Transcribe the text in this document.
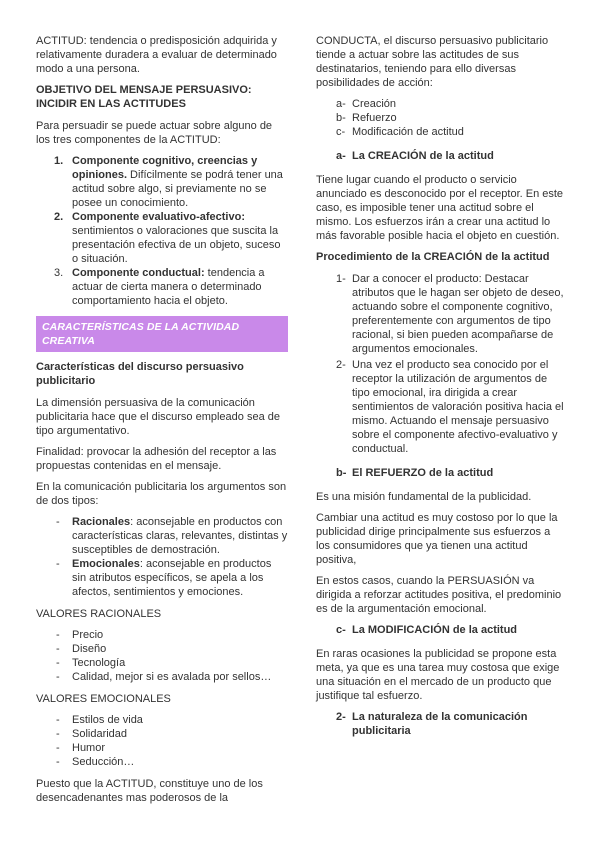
ACTITUD: tendencia o predisposición adquirida y relativamente duradera a evaluar de determinado modo a una persona.

OBJETIVO DEL MENSAJE PERSUASIVO: INCIDIR EN LAS ACTITUDES

Para persuadir se puede actuar sobre alguno de los tres componentes de la ACTITUD:

1. Componente cognitivo, creencias y opiniones. Difícilmente se podrá tener una actitud sobre algo, si previamente no se posee un conocimiento.
2. Componente evaluativo-afectivo: sentimientos o valoraciones que suscita la presentación efectiva de un objeto, suceso o situación.
3. Componente conductual: tendencia a actuar de cierta manera o determinado comportamiento hacia el objeto.
CARACTERÍSTICAS DE LA ACTIVIDAD CREATIVA

Características del discurso persuasivo publicitario

La dimensión persuasiva de la comunicación publicitaria hace que el discurso empleado sea de tipo argumentativo.

Finalidad: provocar la adhesión del receptor a las propuestas contenidas en el mensaje.

En la comunicación publicitaria los argumentos son de dos tipos:

- Racionales: aconsejable en productos con características claras, relevantes, distintas y susceptibles de demostración.
- Emocionales: aconsejable en productos sin atributos específicos, se apela a los afectos, sentimientos y emociones.

VALORES RACIONALES

- Precio
- Diseño
- Tecnología
- Calidad, mejor si es avalada por sellos…

VALORES EMOCIONALES

- Estilos de vida
- Solidaridad
- Humor
- Seducción…

Puesto que la ACTITUD, constituye uno de los desencadenantes mas poderosos de la

CONDUCTA, el discurso persuasivo publicitario tiende a actuar sobre las actitudes de sus destinatarios, teniendo para ello diversas posibilidades de acción:

a- Creación
b- Refuerzo
c- Modificación de actitud
a- La CREACIÓN de la actitud

Tiene lugar cuando el producto o servicio anunciado es desconocido por el receptor. En este caso, es imposible tener una actitud sobre el mismo. Los esfuerzos irán a crear una actitud lo más favorable posible hacia el objeto en cuestión.

Procedimiento de la CREACIÓN de la actitud

1- Dar a conocer el producto: Destacar atributos que le hagan ser objeto de deseo, actuando sobre el componente cognitivo, preferentemente con argumentos de tipo racional, si bien pueden acompañarse de argumentos emocionales.
2- Una vez el producto sea conocido por el receptor la utilización de argumentos de tipo emocional, ira dirigida a crear sentimientos de valoración positiva hacia el mismo. Actuando el mensaje persuasivo sobre el componente afectivo-evaluativo y conductual.
b- El REFUERZO de la actitud

Es una misión fundamental de la publicidad.

Cambiar una actitud es muy costoso por lo que la publicidad dirige principalmente sus esfuerzos a los consumidores que ya tienen una actitud positiva,

En estos casos, cuando la PERSUASIÓN va dirigida a reforzar actitudes positiva, el predominio es de la argumentación emocional.

c- La MODIFICACIÓN de la actitud

En raras ocasiones la publicidad se propone esta meta, ya que es una tarea muy costosa que exige una situación en el mercado de un producto que justifique tal esfuerzo.

2- La naturaleza de la comunicación publicitaria
